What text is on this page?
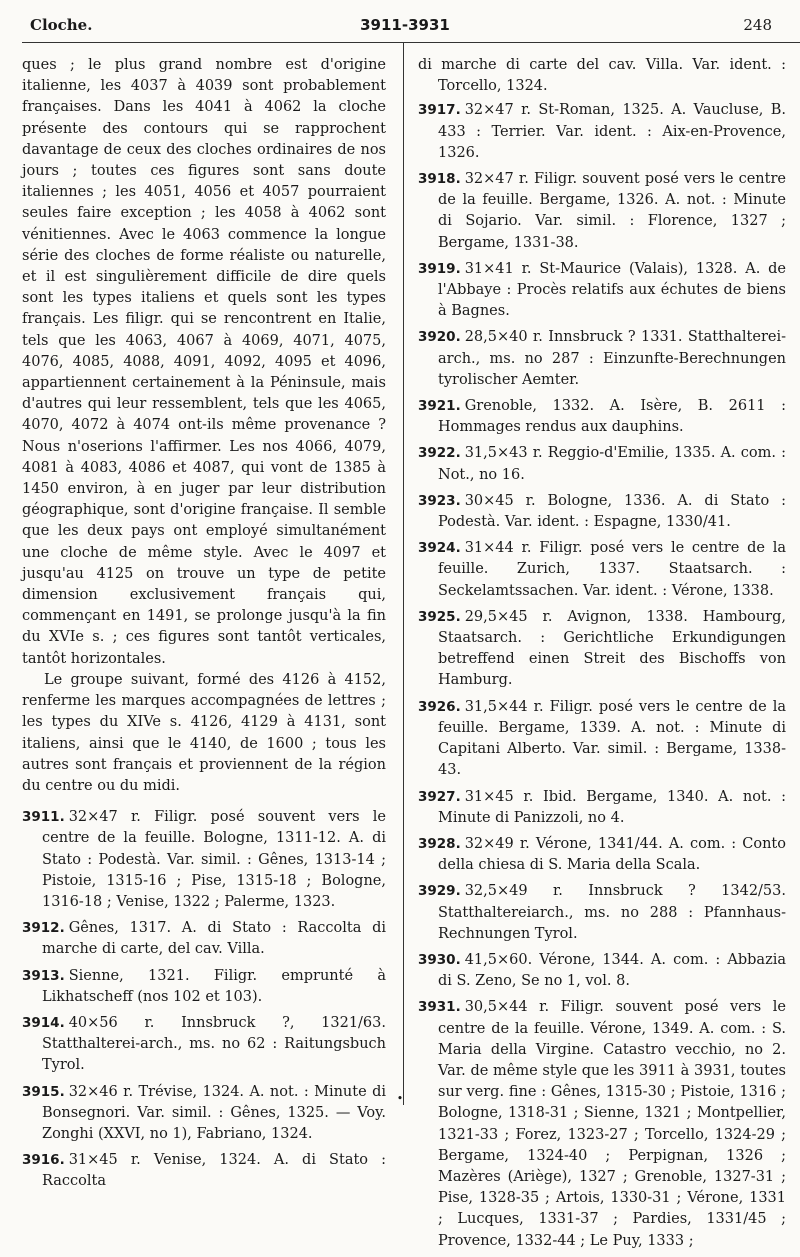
Cloche.	3911-3931	248

ques ; le plus grand nombre est d'origine italienne, les 4037 à 4039 sont probablement françaises. Dans les 4041 à 4062 la cloche présente des contours qui se rapprochent davantage de ceux des cloches ordinaires de nos jours ; toutes ces figures sont sans doute italiennes ; les 4051, 4056 et 4057 pourraient seules faire exception ; les 4058 à 4062 sont vénitiennes. Avec le 4063 commence la longue série des cloches de forme réaliste ou naturelle, et il est singulièrement difficile de dire quels sont les types italiens et quels sont les types français. Les filigr. qui se rencontrent en Italie, tels que les 4063, 4067 à 4069, 4071, 4075, 4076, 4085, 4088, 4091, 4092, 4095 et 4096, appartiennent certainement à la Péninsule, mais d'autres qui leur ressemblent, tels que les 4065, 4070, 4072 à 4074 ont-ils même provenance ? Nous n'oserions l'affirmer. Les nos 4066, 4079, 4081 à 4083, 4086 et 4087, qui vont de 1385 à 1450 environ, à en juger par leur distribution géographique, sont d'origine française. Il semble que les deux pays ont employé simultanément une cloche de même style. Avec le 4097 et jusqu'au 4125 on trouve un type de petite dimension exclusivement français qui, commençant en 1491, se prolonge jusqu'à la fin du XVIe s. ; ces figures sont tantôt verticales, tantôt horizontales.

Le groupe suivant, formé des 4126 à 4152, renferme les marques accompagnées de lettres ; les types du XIVe s. 4126, 4129 à 4131, sont italiens, ainsi que le 4140, de 1600 ; tous les autres sont français et proviennent de la région du centre ou du midi.

3911. 32×47 r. Filigr. posé souvent vers le centre de la feuille. Bologne, 1311-12. A. di Stato : Podestà. Var. simil. : Gênes, 1313-14 ; Pistoie, 1315-16 ; Pise, 1315-18 ; Bologne, 1316-18 ; Venise, 1322 ; Palerme, 1323.
3912. Gênes, 1317. A. di Stato : Raccolta di marche di carte, del cav. Villa.
3913. Sienne, 1321. Filigr. emprunté à Likhatscheff (nos 102 et 103).
3914. 40×56 r. Innsbruck ?, 1321/63. Statthalterei-arch., ms. no 62 : Raitungsbuch Tyrol.
3915. 32×46 r. Trévise, 1324. A. not. : Minute di Bonsegnori. Var. simil. : Gênes, 1325. — Voy. Zonghi (XXVI, no 1), Fabriano, 1324.
3916. 31×45 r. Venise, 1324. A. di Stato : Raccolta
di marche di carte del cav. Villa. Var. ident. : Torcello, 1324.
3917. 32×47 r. St-Roman, 1325. A. Vaucluse, B. 433 : Terrier. Var. ident. : Aix-en-Provence, 1326.
3918. 32×47 r. Filigr. souvent posé vers le centre de la feuille. Bergame, 1326. A. not. : Minute di Sojario. Var. simil. : Florence, 1327 ; Bergame, 1331-38.
3919. 31×41 r. St-Maurice (Valais), 1328. A. de l'Abbaye : Procès relatifs aux échutes de biens à Bagnes.
3920. 28,5×40 r. Innsbruck ? 1331. Statthalterei-arch., ms. no 287 : Einzunfte-Berechnungen tyrolischer Aemter.
3921. Grenoble, 1332. A. Isère, B. 2611 : Hommages rendus aux dauphins.
3922. 31,5×43 r. Reggio-d'Emilie, 1335. A. com. : Not., no 16.
3923. 30×45 r. Bologne, 1336. A. di Stato : Podestà. Var. ident. : Espagne, 1330/41.
3924. 31×44 r. Filigr. posé vers le centre de la feuille. Zurich, 1337. Staatsarch. : Seckelamtssachen. Var. ident. : Vérone, 1338.
3925. 29,5×45 r. Avignon, 1338. Hambourg, Staatsarch. : Gerichtliche Erkundigungen betreffend einen Streit des Bischoffs von Hamburg.
3926. 31,5×44 r. Filigr. posé vers le centre de la feuille. Bergame, 1339. A. not. : Minute di Capitani Alberto. Var. simil. : Bergame, 1338-43.
3927. 31×45 r. Ibid. Bergame, 1340. A. not. : Minute di Panizzoli, no 4.
3928. 32×49 r. Vérone, 1341/44. A. com. : Conto della chiesa di S. Maria della Scala.
3929. 32,5×49 r. Innsbruck ? 1342/53. Statthaltereiarch., ms. no 288 : Pfannhaus-Rechnungen Tyrol.
3930. 41,5×60. Vérone, 1344. A. com. : Abbazia di S. Zeno, Se no 1, vol. 8.
3931. 30,5×44 r. Filigr. souvent posé vers le centre de la feuille. Vérone, 1349. A. com. : S. Maria della Virgine. Catastro vecchio, no 2. Var. de même style que les 3911 à 3931, toutes sur verg. fine : Gênes, 1315-30 ; Pistoie, 1316 ; Bologne, 1318-31 ; Sienne, 1321 ; Montpellier, 1321-33 ; Forez, 1323-27 ; Torcello, 1324-29 ; Bergame, 1324-40 ; Perpignan, 1326 ; Mazères (Ariège), 1327 ; Grenoble, 1327-31 ; Pise, 1328-35 ; Artois, 1330-31 ; Vérone, 1331 ; Lucques, 1331-37 ; Pardies, 1331/45 ; Provence, 1332-44 ; Le Puy, 1333 ;
•
